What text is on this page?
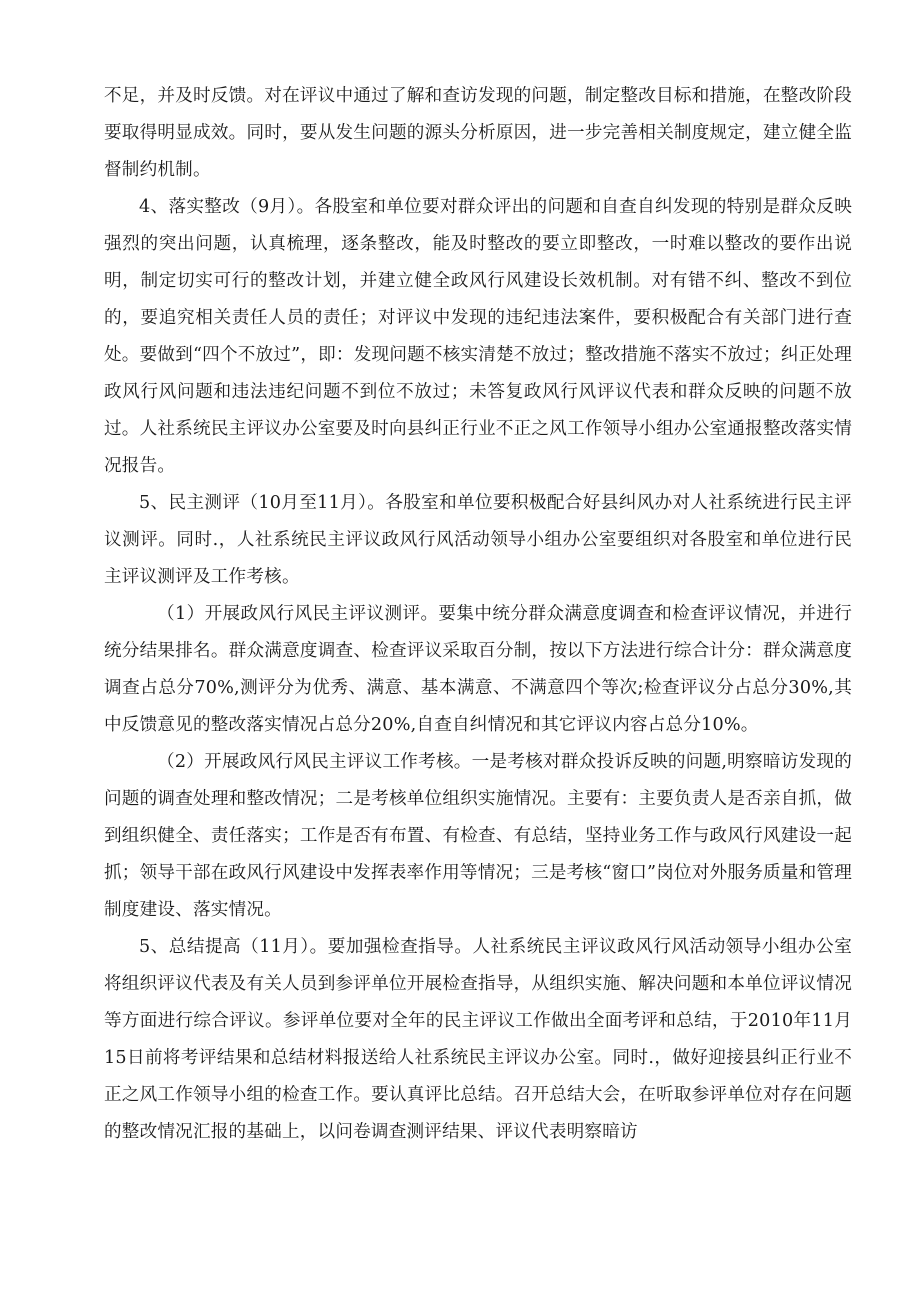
不足，并及时反馈。对在评议中通过了解和查访发现的问题，制定整改目标和措施，在整改阶段要取得明显成效。同时，要从发生问题的源头分析原因，进一步完善相关制度规定，建立健全监督制约机制。

4、落实整改（9月）。各股室和单位要对群众评出的问题和自查自纠发现的特别是群众反映强烈的突出问题，认真梳理，逐条整改，能及时整改的要立即整改，一时难以整改的要作出说明，制定切实可行的整改计划，并建立健全政风行风建设长效机制。对有错不纠、整改不到位的，要追究相关责任人员的责任；对评议中发现的违纪违法案件，要积极配合有关部门进行查处。要做到“四个不放过”，即：发现问题不核实清楚不放过；整改措施不落实不放过；纠正处理政风行风问题和违法违纪问题不到位不放过；未答复政风行风评议代表和群众反映的问题不放过。人社系统民主评议办公室要及时向县纠正行业不正之风工作领导小组办公室通报整改落实情况报告。

5、民主测评（10月至11月）。各股室和单位要积极配合好县纠风办对人社系统进行民主评议测评。同时.，人社系统民主评议政风行风活动领导小组办公室要组织对各股室和单位进行民主评议测评及工作考核。

（1）开展政风行风民主评议测评。要集中统分群众满意度调查和检查评议情况，并进行统分结果排名。群众满意度调查、检查评议采取百分制，按以下方法进行综合计分：群众满意度调查占总分70%,测评分为优秀、满意、基本满意、不满意四个等次;检查评议分占总分30%,其中反馈意见的整改落实情况占总分20%,自查自纠情况和其它评议内容占总分10%。

（2）开展政风行风民主评议工作考核。一是考核对群众投诉反映的问题,明察暗访发现的问题的调查处理和整改情况；二是考核单位组织实施情况。主要有：主要负责人是否亲自抓，做到组织健全、责任落实；工作是否有布置、有检查、有总结，坚持业务工作与政风行风建设一起抓；领导干部在政风行风建设中发挥表率作用等情况；三是考核“窗口”岗位对外服务质量和管理制度建设、落实情况。

5、总结提高（11月）。要加强检查指导。人社系统民主评议政风行风活动领导小组办公室将组织评议代表及有关人员到参评单位开展检查指导，从组织实施、解决问题和本单位评议情况等方面进行综合评议。参评单位要对全年的民主评议工作做出全面考评和总结，于2010年11月15日前将考评结果和总结材料报送给人社系统民主评议办公室。同时.，做好迎接县纠正行业不正之风工作领导小组的检查工作。要认真评比总结。召开总结大会，在听取参评单位对存在问题的整改情况汇报的基础上，以问卷调查测评结果、评议代表明察暗访
